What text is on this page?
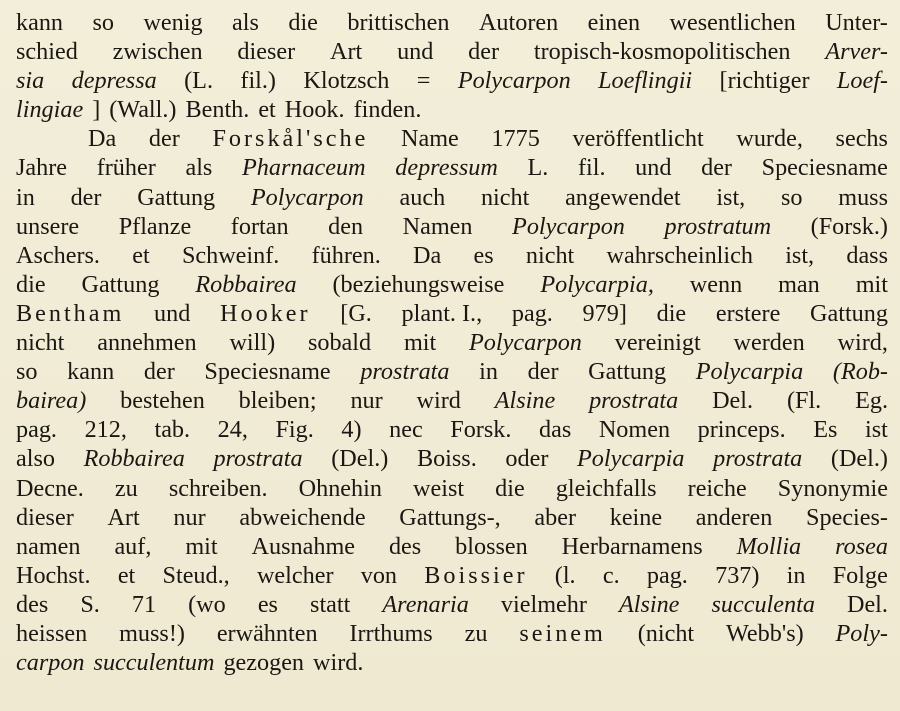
kann so wenig als die brittischen Autoren einen wesentlichen Unter-
schied zwischen dieser Art und der tropisch-kosmopolitischen Arver-
sia depressa (L. fil.) Klotzsch = Polycarpon Loeflingii [richtiger Loef-
lingiae ] (Wall.) Benth. et Hook. finden.
Da der Forskål'sche Name 1775 veröffentlicht wurde, sechs
Jahre früher als Pharnaceum depressum L. fil. und der Speciesname
in der Gattung Polycarpon auch nicht angewendet ist, so muss
unsere Pflanze fortan den Namen Polycarpon prostratum (Forsk.)
Aschers. et Schweinf. führen. Da es nicht wahrscheinlich ist, dass
die Gattung Robbairea (beziehungsweise Polycarpia, wenn man mit
Bentham und Hooker [G. plant. I., pag. 979] die erstere Gattung
nicht annehmen will) sobald mit Polycarpon vereinigt werden wird,
so kann der Speciesname prostrata in der Gattung Polycarpia (Rob-
bairea) bestehen bleiben; nur wird Alsine prostrata Del. (Fl. Eg.
pag. 212, tab. 24, Fig. 4) nec Forsk. das Nomen princeps. Es ist
also Robbairea prostrata (Del.) Boiss. oder Polycarpia prostrata (Del.)
Decne. zu schreiben. Ohnehin weist die gleichfalls reiche Synonymie
dieser Art nur abweichende Gattungs-, aber keine anderen Species-
namen auf, mit Ausnahme des blossen Herbarnamens Mollia rosea
Hochst. et Steud., welcher von Boissier (l. c. pag. 737) in Folge
des S. 71 (wo es statt Arenaria vielmehr Alsine succulenta Del.
heissen muss!) erwähnten Irrthums zu seinem (nicht Webb's) Poly-
carpon succulentum gezogen wird.
